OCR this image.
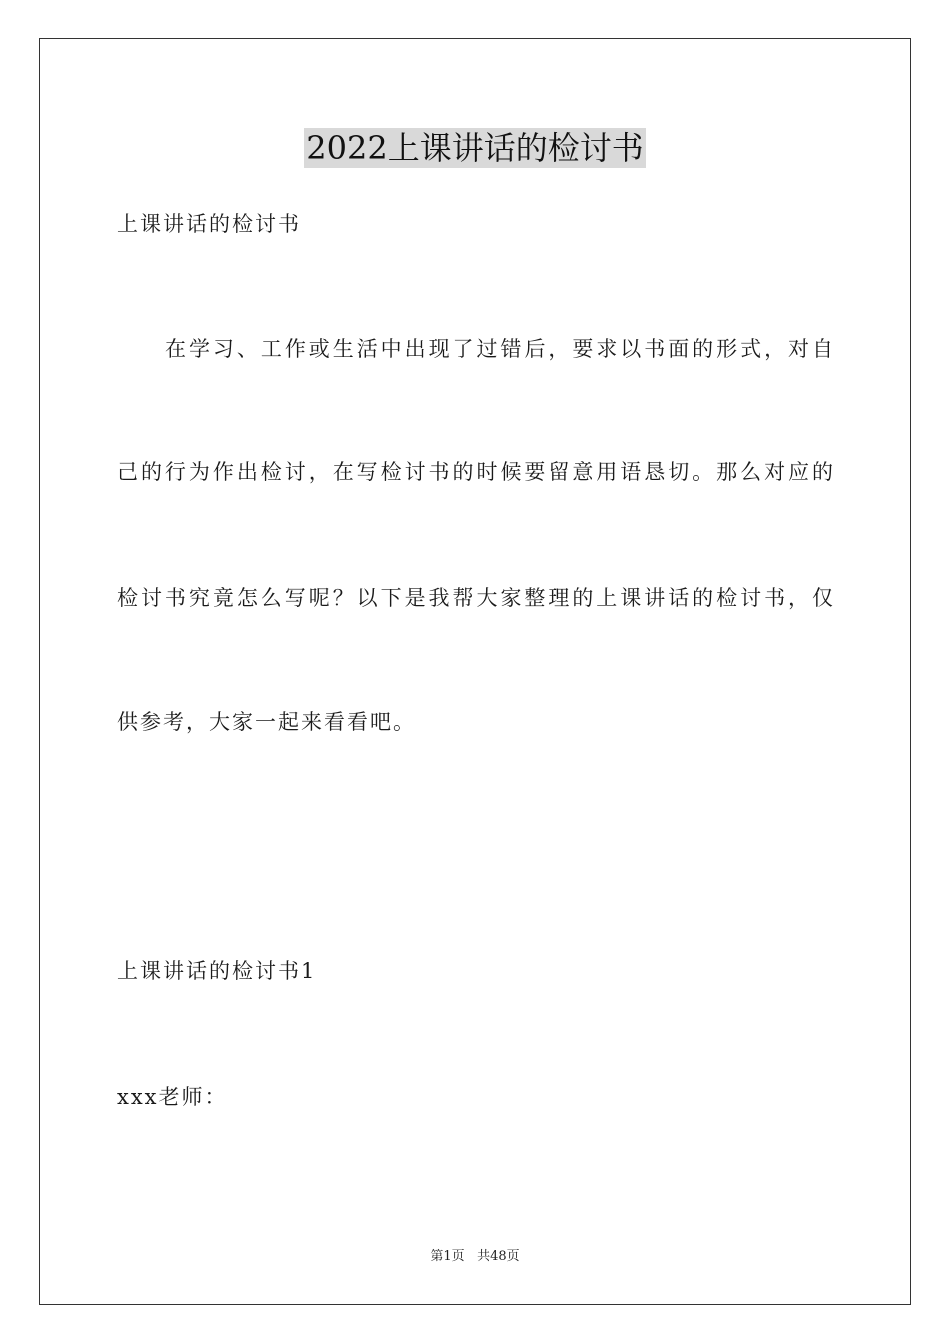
2022上课讲话的检讨书
上课讲话的检讨书
在学习、工作或生活中出现了过错后，要求以书面的形式，对自
己的行为作出检讨，在写检讨书的时候要留意用语恳切。那么对应的
检讨书究竟怎么写呢？以下是我帮大家整理的上课讲话的检讨书，仅
供参考，大家一起来看看吧。
上课讲话的检讨书1
xxx老师：
第1页 共48页
